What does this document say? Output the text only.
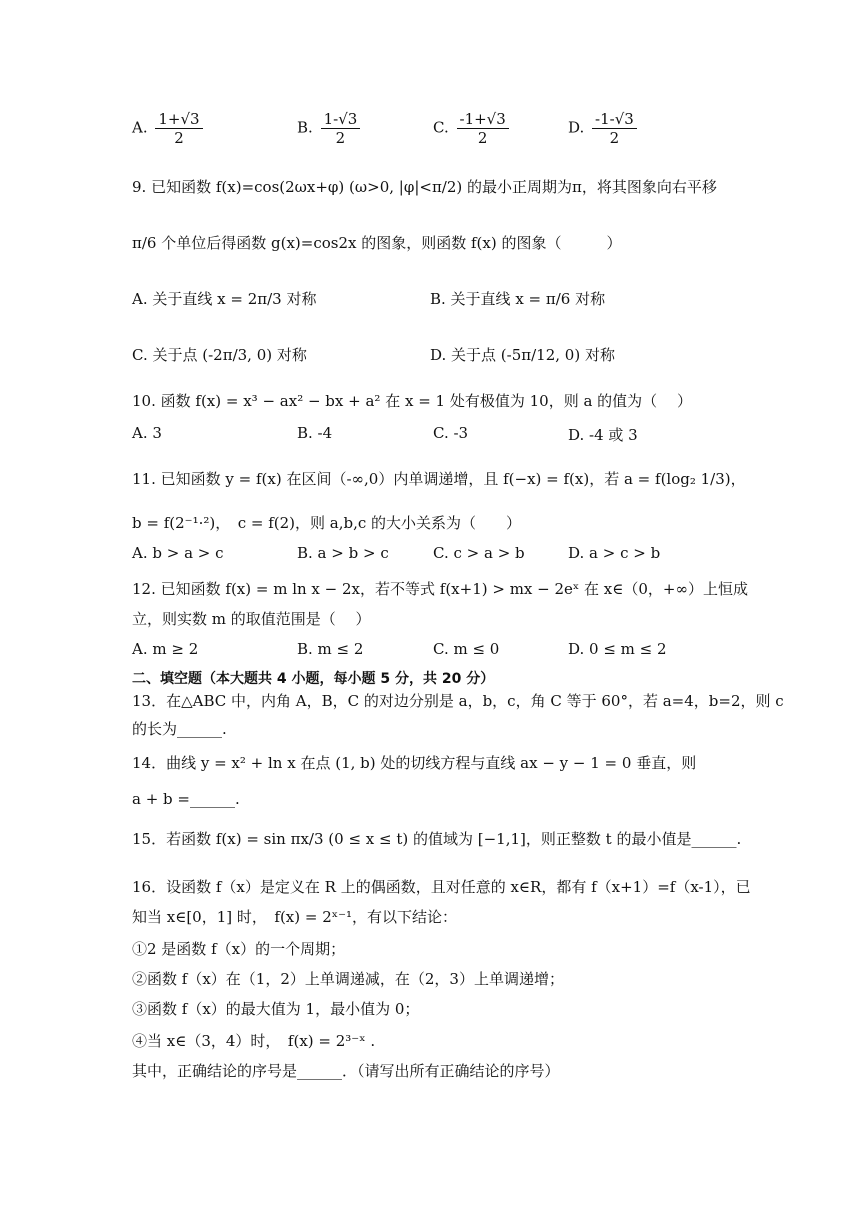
A. $\frac{1+√3}{2}$	B. $\frac{1-√3}{2}$	C. $\frac{-1+√3}{2}$	D. $\frac{-1-√3}{2}$
9. 已知函数 f(x)=cos(2ωx+φ) (ω>0, |φ|<π/2) 的最小正周期为π，将其图象向右平移
π/6 个单位后得函数 g(x)=cos2x 的图象，则函数 f(x) 的图象（　　　）
A. 关于直线 x = 2π/3 对称	B. 关于直线 x = π/6 对称
C. 关于点 (-2π/3, 0) 对称	D. 关于点 (-5π/12, 0) 对称
10. 函数 f(x) = x³ − ax² − bx + a² 在 x = 1 处有极值为 10，则 a 的值为（　 ）
A. 3	B. -4	C. -3	D. -4 或 3
11. 已知函数 y = f(x) 在区间（-∞,0）内单调递增，且 f(−x) = f(x)，若 a = f(log₂ 1/3)，
b = f(2⁻¹·²)，　c = f(2)，则 a,b,c 的大小关系为（　　）
A. b > a > c	B. a > b > c	C. c > a > b	D. a > c > b
12. 已知函数 f(x) = m ln x − 2x，若不等式 f(x+1) > mx − 2eˣ 在 x∈（0，+∞）上恒成
立，则实数 m 的取值范围是（　 ）
A. m ≥ 2	B. m ≤ 2	C. m ≤ 0	D. 0 ≤ m ≤ 2
二、填空题（本大题共 4 小题，每小题 5 分，共 20 分）
13．在△ABC 中，内角 A，B，C 的对边分别是 a，b，c，角 C 等于 60°，若 a=4，b=2，则 c
的长为______.
14．曲线 y = x² + ln x 在点 (1, b) 处的切线方程与直线 ax − y − 1 = 0 垂直，则
a + b =______.
15．若函数 f(x) = sin πx/3 (0 ≤ x ≤ t) 的值域为 [−1,1]，则正整数 t 的最小值是______.
16．设函数 f（x）是定义在 R 上的偶函数，且对任意的 x∈R，都有 f（x+1）=f（x-1），已
知当 x∈[0，1] 时，　f(x) = 2ˣ⁻¹，有以下结论：
①2 是函数 f（x）的一个周期；
②函数 f（x）在（1，2）上单调递减，在（2，3）上单调递增；
③函数 f（x）的最大值为 1，最小值为 0；
④当 x∈（3，4）时，　f(x) = 2³⁻ˣ .
其中，正确结论的序号是______．（请写出所有正确结论的序号）
